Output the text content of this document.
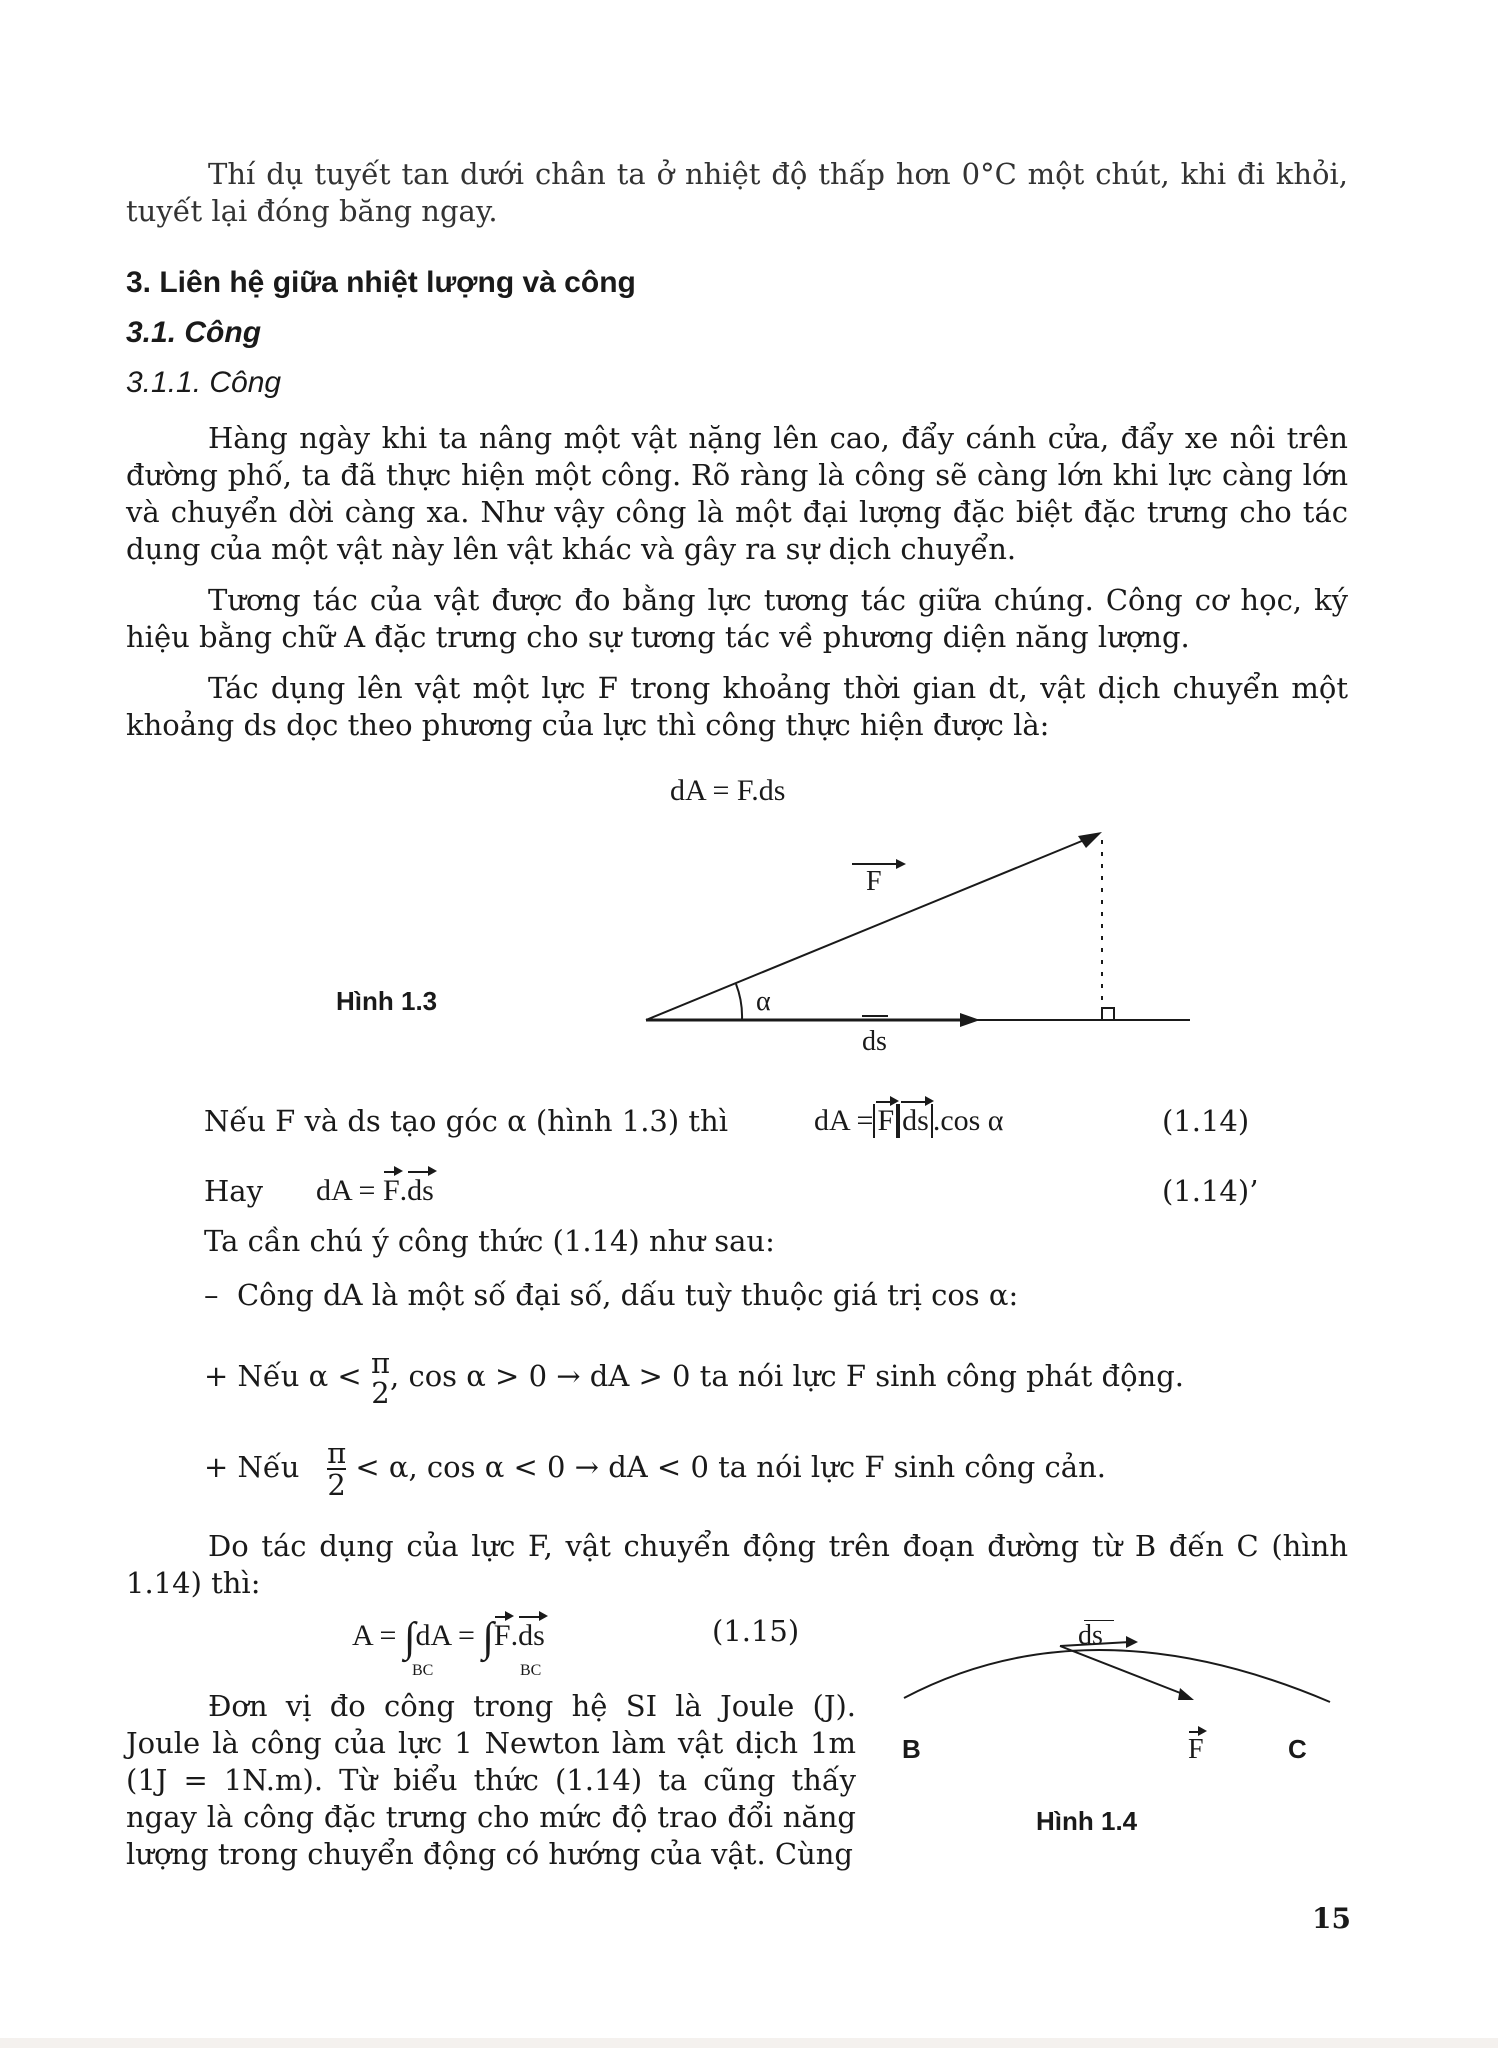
Thí dụ tuyết tan dưới chân ta ở nhiệt độ thấp hơn 0°C một chút, khi đi khỏi, tuyết lại đóng băng ngay.
3. Liên hệ giữa nhiệt lượng và công
3.1. Công
3.1.1. Công
Hàng ngày khi ta nâng một vật nặng lên cao, đẩy cánh cửa, đẩy xe nôi trên đường phố, ta đã thực hiện một công. Rõ ràng là công sẽ càng lớn khi lực càng lớn và chuyển dời càng xa. Như vậy công là một đại lượng đặc biệt đặc trưng cho tác dụng của một vật này lên vật khác và gây ra sự dịch chuyển.
Tương tác của vật được đo bằng lực tương tác giữa chúng. Công cơ học, ký hiệu bằng chữ A đặc trưng cho sự tương tác về phương diện năng lượng.
Tác dụng lên vật một lực F trong khoảng thời gian dt, vật dịch chuyển một khoảng ds dọc theo phương của lực thì công thực hiện được là:
dA = F.ds
Hình 1.3
F
α
ds
Nếu F và ds tạo góc α (hình 1.3) thì	dA = F ds .cos α	(1.14)
Hay dA = F.ds	(1.14)’
Ta cần chú ý công thức (1.14) như sau:
– Công dA là một số đại số, dấu tuỳ thuộc giá trị cos α:
+ Nếu α < π
2 , cos α > 0 → dA > 0 ta nói lực F sinh công phát động.
+ Nếu $\frac{\pi}{2} < \alpha$, cos α < 0 → dA < 0 ta nói lực F sinh công cản.
Do tác dụng của lực F, vật chuyển động trên đoạn đường từ B đến C (hình 1.14) thì:
A = ∫dA = ∫F.ds
BC	BC
(1.15)
Đơn vị đo công trong hệ SI là Joule (J). Joule là công của lực 1 Newton làm vật dịch 1m (1J = 1N.m). Từ biểu thức (1.14) ta cũng thấy ngay là công đặc trưng cho mức độ trao đổi năng lượng trong chuyển động có hướng của vật. Cùng
ds
B	F	C
Hình 1.4
15
